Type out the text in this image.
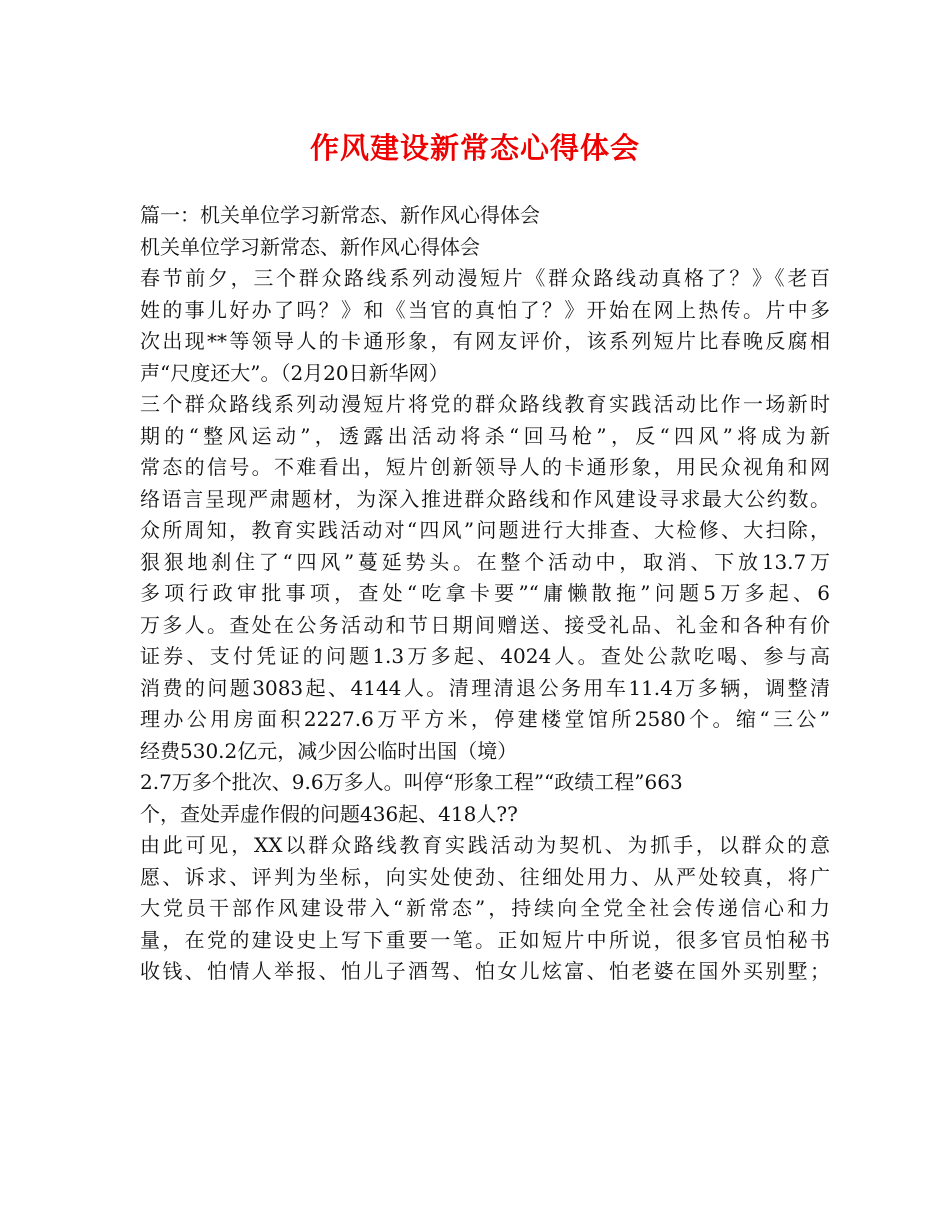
作风建设新常态心得体会
篇一：机关单位学习新常态、新作风心得体会
机关单位学习新常态、新作风心得体会
春节前夕，三个群众路线系列动漫短片《群众路线动真格了？》《老百
姓的事儿好办了吗？》和《当官的真怕了？》开始在网上热传。片中多
次出现**等领导人的卡通形象，有网友评价，该系列短片比春晚反腐相
声“尺度还大”。（2月20日新华网）
三个群众路线系列动漫短片将党的群众路线教育实践活动比作一场新时
期的“整风运动”，透露出活动将杀“回马枪”，反“四风”将成为新
常态的信号。不难看出，短片创新领导人的卡通形象，用民众视角和网
络语言呈现严肃题材，为深入推进群众路线和作风建设寻求最大公约数。
众所周知，教育实践活动对“四风”问题进行大排查、大检修、大扫除，
狠狠地刹住了“四风”蔓延势头。在整个活动中，取消、下放13.7万
多项行政审批事项，查处“吃拿卡要”“庸懒散拖”问题5万多起、6
万多人。查处在公务活动和节日期间赠送、接受礼品、礼金和各种有价
证券、支付凭证的问题1.3万多起、4024人。查处公款吃喝、参与高
消费的问题3083起、4144人。清理清退公务用车11.4万多辆，调整清
理办公用房面积2227.6万平方米，停建楼堂馆所2580个。缩“三公”
经费530.2亿元，减少因公临时出国（境）
2.7万多个批次、9.6万多人。叫停“形象工程”“政绩工程”663
个，查处弄虚作假的问题436起、418人??
由此可见，XX以群众路线教育实践活动为契机、为抓手，以群众的意
愿、诉求、评判为坐标，向实处使劲、往细处用力、从严处较真，将广
大党员干部作风建设带入“新常态”，持续向全党全社会传递信心和力
量，在党的建设史上写下重要一笔。正如短片中所说，很多官员怕秘书
收钱、怕情人举报、怕儿子酒驾、怕女儿炫富、怕老婆在国外买别墅；
